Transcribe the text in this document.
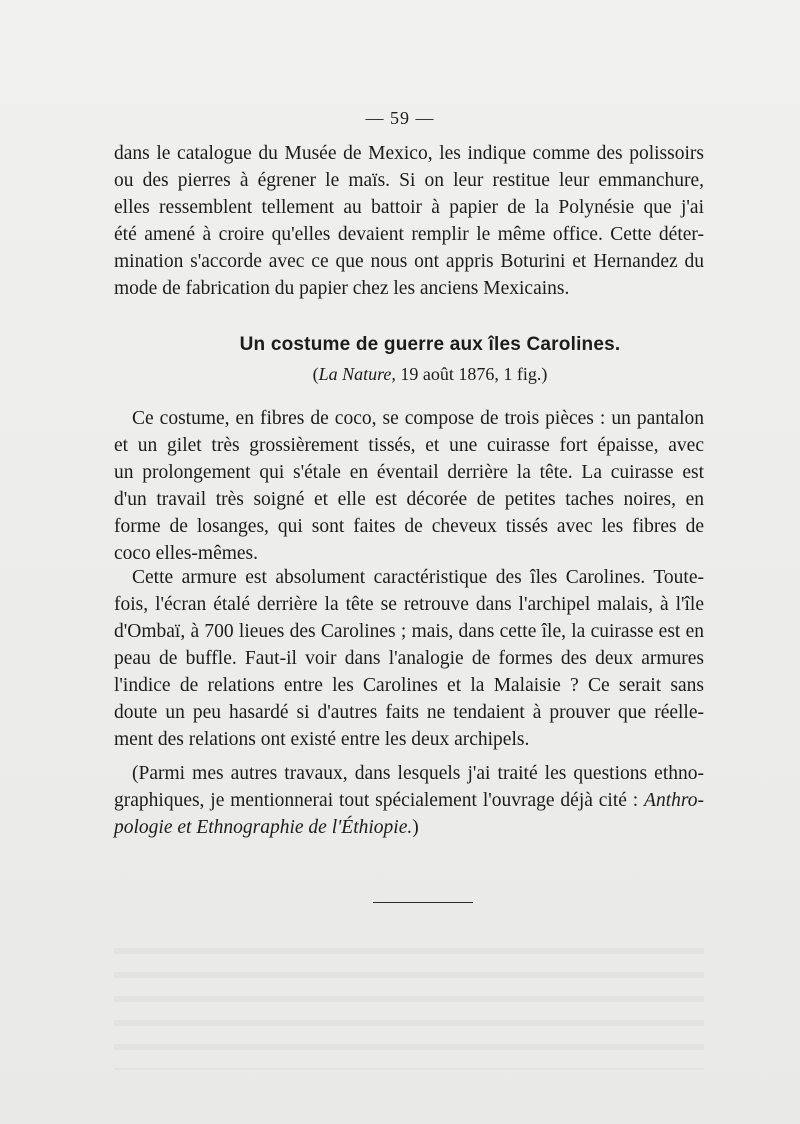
— 59 —
dans le catalogue du Musée de Mexico, les indique comme des polissoirs
ou des pierres à égrener le maïs. Si on leur restitue leur emmanchure,
elles ressemblent tellement au battoir à papier de la Polynésie que j'ai
été amené à croire qu'elles devaient remplir le même office. Cette déter-
mination s'accorde avec ce que nous ont appris Boturini et Hernandez du
mode de fabrication du papier chez les anciens Mexicains.
Un costume de guerre aux îles Carolines.
(La Nature, 19 août 1876, 1 fig.)
Ce costume, en fibres de coco, se compose de trois pièces : un pantalon
et un gilet très grossièrement tissés, et une cuirasse fort épaisse, avec
un prolongement qui s'étale en éventail derrière la tête. La cuirasse est
d'un travail très soigné et elle est décorée de petites taches noires, en
forme de losanges, qui sont faites de cheveux tissés avec les fibres de
coco elles-mêmes.
Cette armure est absolument caractéristique des îles Carolines. Toute-
fois, l'écran étalé derrière la tête se retrouve dans l'archipel malais, à l'île
d'Ombaï, à 700 lieues des Carolines ; mais, dans cette île, la cuirasse est en
peau de buffle. Faut-il voir dans l'analogie de formes des deux armures
l'indice de relations entre les Carolines et la Malaisie ? Ce serait sans
doute un peu hasardé si d'autres faits ne tendaient à prouver que réelle-
ment des relations ont existé entre les deux archipels.
(Parmi mes autres travaux, dans lesquels j'ai traité les questions ethno-
graphiques, je mentionnerai tout spécialement l'ouvrage déjà cité : Anthro-
pologie et Ethnographie de l'Éthiopie.)
